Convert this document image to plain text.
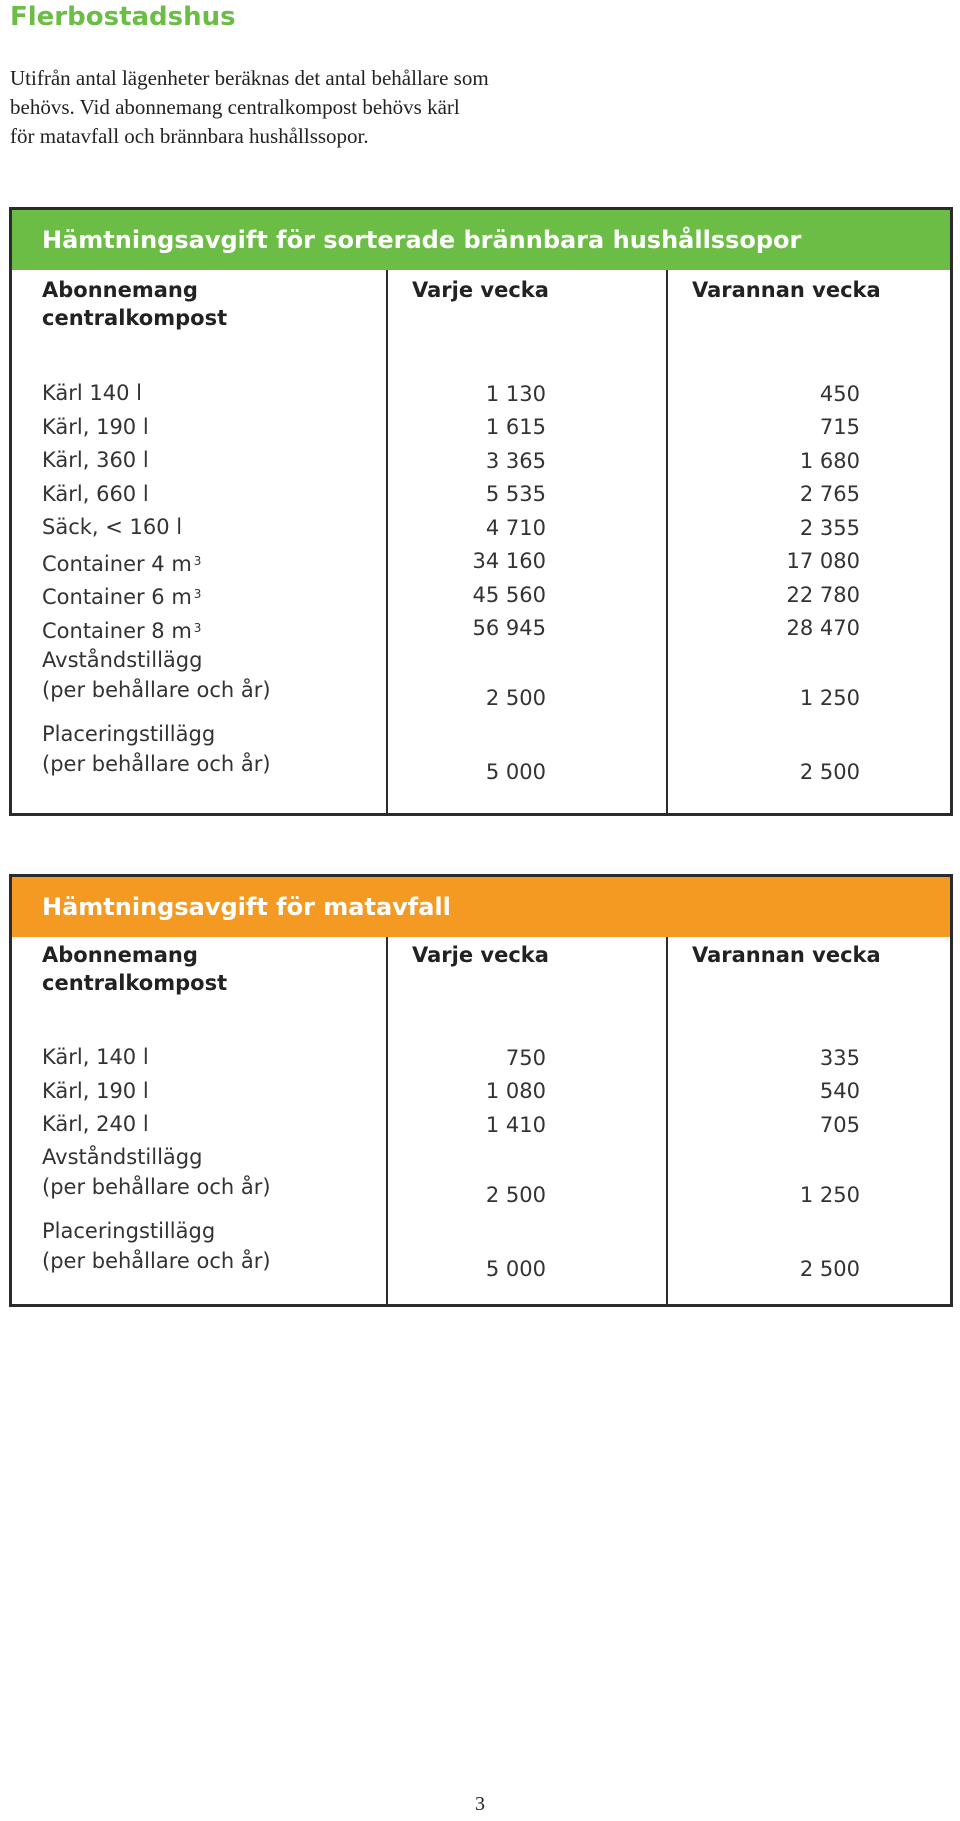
Flerbostadshus
Utifrån antal lägenheter beräknas det antal behållare som
behövs. Vid abonnemang centralkompost behövs kärl
för matavfall och brännbara hushållssopor.
Hämtningsavgift för sorterade brännbara hushållssopor
Abonnemang
centralkompost
Varje vecka	Varannan vecka
Kärl 140 l	1 130	450
Kärl, 190 l	1 615	715
Kärl, 360 l	3 365	1 680
Kärl, 660 l	5 535	2 765
Säck, < 160 l	4 710	2 355
Container 4 m $^3$	34 160	17 080
Container 6 m $^3$	45 560	22 780
Container 8 m $^3$	56 945	28 470
Avståndstillägg
(per behållare och år)	2 500	1 250
Placeringstillägg
(per behållare och år)	5 000	2 500
Hämtningsavgift för matavfall
Abonnemang
centralkompost
Varje vecka	Varannan vecka
Kärl, 140 l	750	335
Kärl, 190 l	1 080	540
Kärl, 240 l	1 410	705
Avståndstillägg
(per behållare och år)	2 500	1 250
Placeringstillägg
(per behållare och år)	5 000	2 500
3
